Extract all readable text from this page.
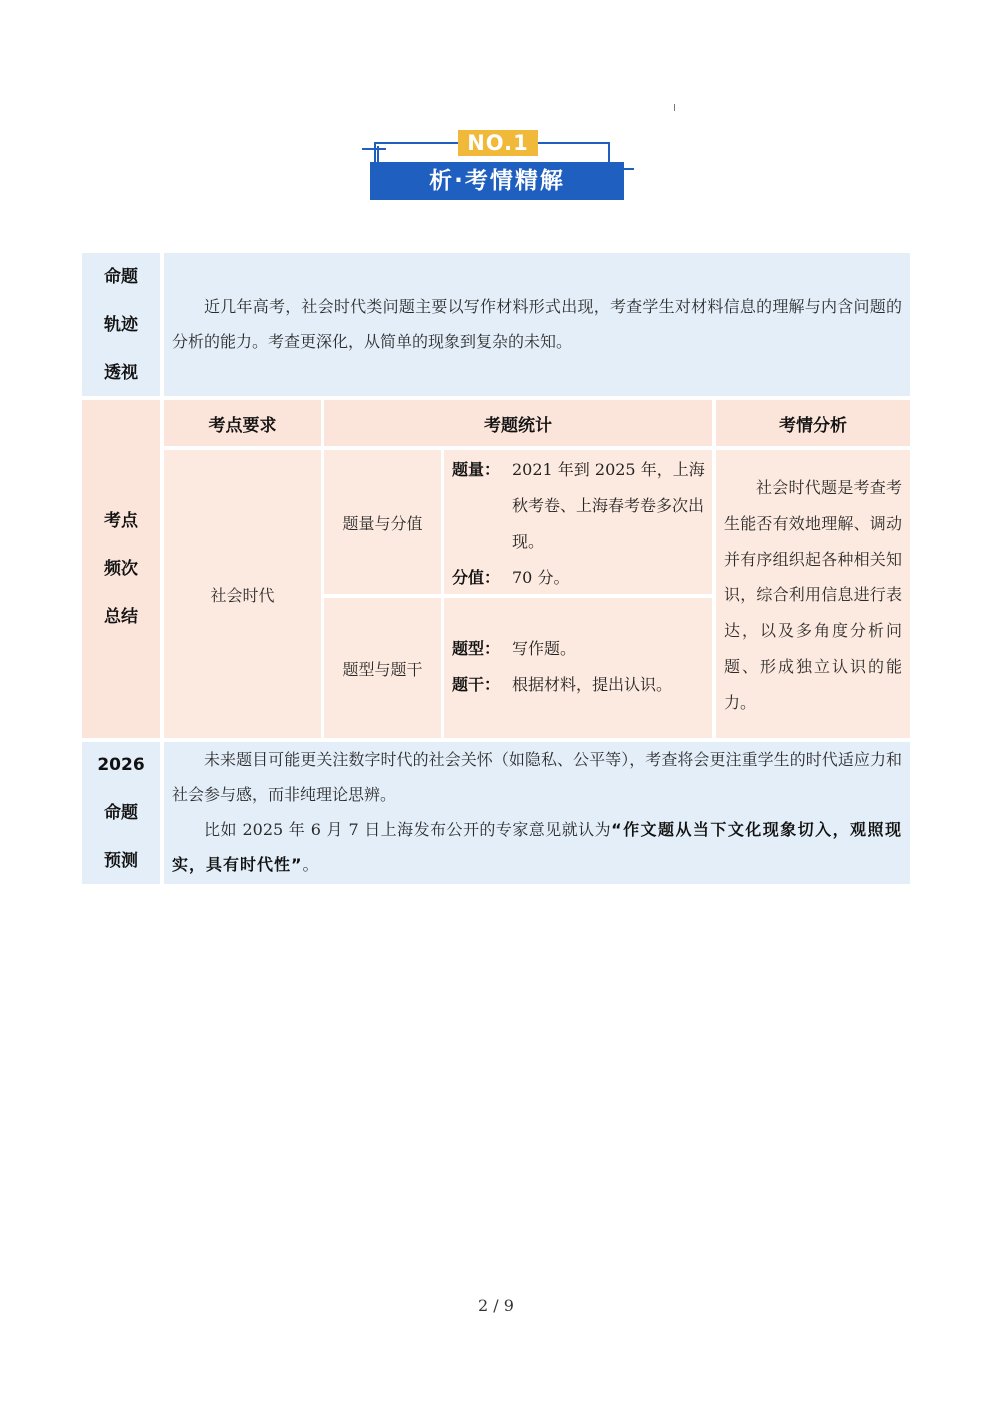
析·考情精解
NO.1
命题
轨迹
透视

近几年高考，社会时代类问题主要以写作材料形式出现，考查学生对材料信息的理解与内含问题的分析的能力。考查更深化，从简单的现象到复杂的未知。

考点
频次
总结
考点要求	考题统计	考情分析
社会时代
题量与分值
题量： 2021 年到 2025 年，上海秋考卷、上海春考卷多次出现。
分值： 70 分。
题型与题干
题型： 写作题。
题干： 根据材料，提出认识。

社会时代题是考查考生能否有效地理解、调动并有序组织起各种相关知识，综合利用信息进行表达，以及多角度分析问题、形成独立认识的能力。

2026
命题
预测

未来题目可能更关注数字时代的社会关怀（如隐私、公平等），考查将会更注重学生的时代适应力和社会参与感，而非纯理论思辨。

比如 2025 年 6 月 7 日上海发布公开的专家意见就认为“作文题从当下文化现象切入，观照现实，具有时代性”。

2 / 9
